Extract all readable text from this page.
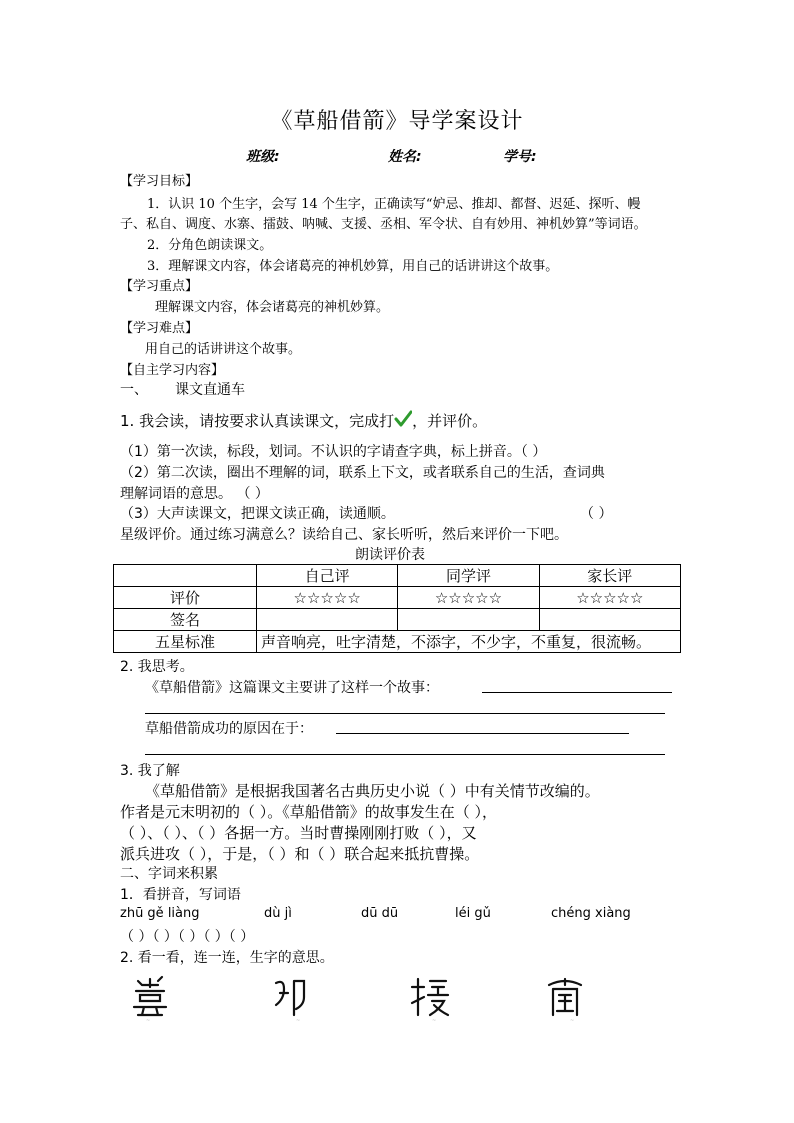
《草船借箭》导学案设计
班级:	姓名:	学号:
【学习目标】
1．认识 10 个生字，会写 14 个生字，正确读写“妒忌、推却、都督、迟延、探听、幔
子、私自、调度、水寨、擂鼓、呐喊、支援、丞相、军令状、自有妙用、神机妙算”等词语。
2．分角色朗读课文。
3．理解课文内容，体会诸葛亮的神机妙算，用自己的话讲讲这个故事。
【学习重点】
理解课文内容，体会诸葛亮的神机妙算。
【学习难点】
用自己的话讲讲这个故事。
【自主学习内容】
一、 课文直通车
1. 我会读，请按要求认真读课文，完成打 ，并评价。
（1）第一次读，标段，划词。不认识的字请查字典，标上拼音。（ ）
（2）第二次读，圈出不理解的词，联系上下文，或者联系自己的生活，查词典
理解词语的意思。 （ ）
（3）大声读课文，把课文读正确，读通顺。	（ ）
星级评价。通过练习满意么？读给自己、家长听听，然后来评价一下吧。
朗读评价表
	自己评	同学评	家长评
评价	☆☆☆☆☆	☆☆☆☆☆	☆☆☆☆☆
签名			
五星标准	声音响亮，吐字清楚，不添字，不少字，不重复，很流畅。		
2. 我思考。
《草船借箭》这篇课文主要讲了这样一个故事：
草船借箭成功的原因在于：
3. 我了解
《草船借箭》是根据我国著名古典历史小说（ ）中有关情节改编的。
作者是元末明初的（ ）。《草船借箭》的故事发生在（ ），
（ ）、（ ）、（ ）各据一方。当时曹操刚刚打败（ ），又
派兵进攻（ ），于是，（ ）和（ ）联合起来抵抗曹操。
二、字词来积累
1．看拼音，写词语
zhū gě liàng	dù jì	dū dū	léi gǔ	chéng xiàng
（ ）（ ）（ ）（ ）（ ）
2. 看一看，连一连，生字的意思。
~	~	~	~
